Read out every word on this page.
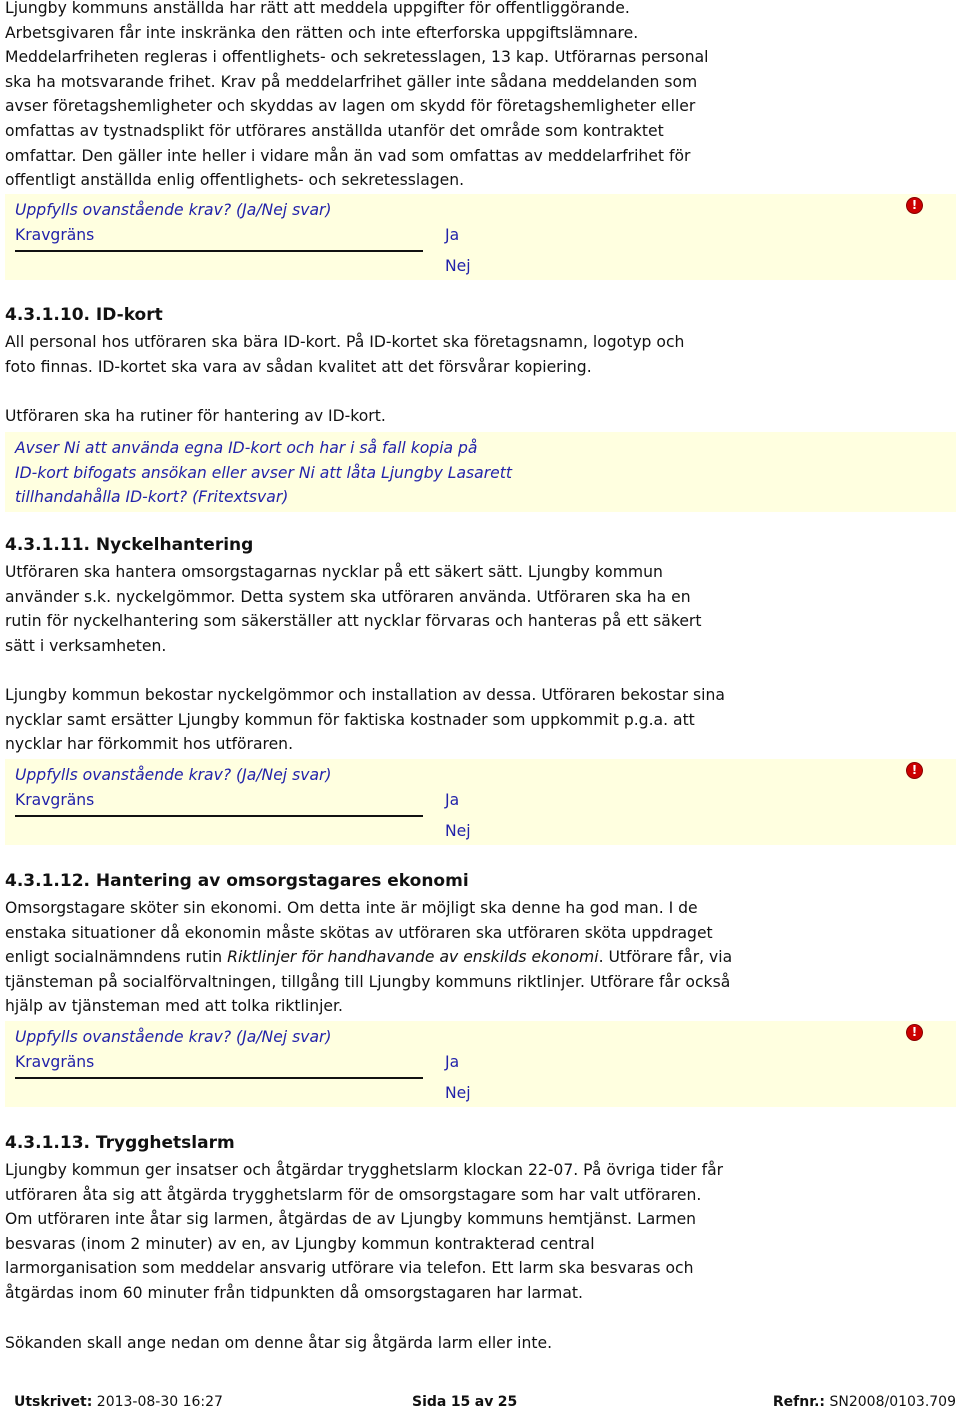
Ljungby kommuns anställda har rätt att meddela uppgifter för offentliggörande.
Arbetsgivaren får inte inskränka den rätten och inte efterforska uppgiftslämnare.
Meddelarfriheten regleras i offentlighets- och sekretesslagen, 13 kap. Utförarnas personal
ska ha motsvarande frihet. Krav på meddelarfrihet gäller inte sådana meddelanden som
avser företagshemligheter och skyddas av lagen om skydd för företagshemligheter eller
omfattas av tystnadsplikt för utförares anställda utanför det område som kontraktet
omfattar. Den gäller inte heller i vidare mån än vad som omfattas av meddelarfrihet för
offentligt anställda enlig offentlighets- och sekretesslagen.
Uppfylls ovanstående krav? (Ja/Nej svar)	!
Kravgräns	Ja
Nej
4.3.1.10. ID-kort
All personal hos utföraren ska bära ID-kort. På ID-kortet ska företagsnamn, logotyp och
foto finnas. ID-kortet ska vara av sådan kvalitet att det försvårar kopiering.
Utföraren ska ha rutiner för hantering av ID-kort.
Avser Ni att använda egna ID-kort och har i så fall kopia på
ID-kort bifogats ansökan eller avser Ni att låta Ljungby Lasarett
tillhandahålla ID-kort? (Fritextsvar)
4.3.1.11. Nyckelhantering
Utföraren ska hantera omsorgstagarnas nycklar på ett säkert sätt. Ljungby kommun
använder s.k. nyckelgömmor. Detta system ska utföraren använda. Utföraren ska ha en
rutin för nyckelhantering som säkerställer att nycklar förvaras och hanteras på ett säkert
sätt i verksamheten.
Ljungby kommun bekostar nyckelgömmor och installation av dessa. Utföraren bekostar sina
nycklar samt ersätter Ljungby kommun för faktiska kostnader som uppkommit p.g.a. att
nycklar har förkommit hos utföraren.
Uppfylls ovanstående krav? (Ja/Nej svar)	!
Kravgräns	Ja
Nej
4.3.1.12. Hantering av omsorgstagares ekonomi
Omsorgstagare sköter sin ekonomi. Om detta inte är möjligt ska denne ha god man. I de
enstaka situationer då ekonomin måste skötas av utföraren ska utföraren sköta uppdraget
enligt socialnämndens rutin Riktlinjer för handhavande av enskilds ekonomi. Utförare får, via
tjänsteman på socialförvaltningen, tillgång till Ljungby kommuns riktlinjer. Utförare får också
hjälp av tjänsteman med att tolka riktlinjer.
Uppfylls ovanstående krav? (Ja/Nej svar)	!
Kravgräns	Ja
Nej
4.3.1.13. Trygghetslarm
Ljungby kommun ger insatser och åtgärdar trygghetslarm klockan 22-07. På övriga tider får
utföraren åta sig att åtgärda trygghetslarm för de omsorgstagare som har valt utföraren.
Om utföraren inte åtar sig larmen, åtgärdas de av Ljungby kommuns hemtjänst. Larmen
besvaras (inom 2 minuter) av en, av Ljungby kommun kontrakterad central
larmorganisation som meddelar ansvarig utförare via telefon. Ett larm ska besvaras och
åtgärdas inom 60 minuter från tidpunkten då omsorgstagaren har larmat.
Sökanden skall ange nedan om denne åtar sig åtgärda larm eller inte.
Utskrivet: 2013-08-30 16:27	Sida 15 av 25	Refnr.: SN2008/0103.709
